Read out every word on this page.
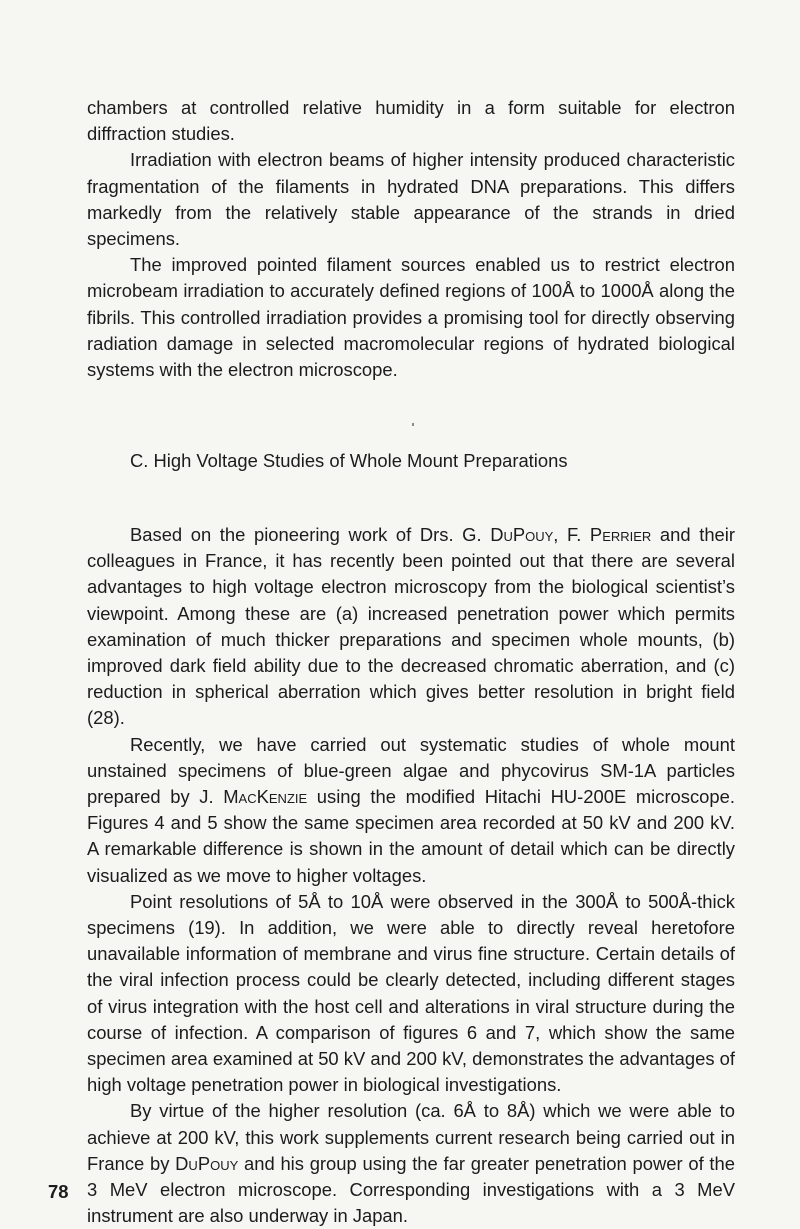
chambers at controlled relative humidity in a form suitable for electron diffraction studies.

Irradiation with electron beams of higher intensity produced characteristic fragmentation of the filaments in hydrated DNA preparations. This differs markedly from the relatively stable appearance of the strands in dried specimens.

The improved pointed filament sources enabled us to restrict electron microbeam irradiation to accurately defined regions of 100Å to 1000Å along the fibrils. This controlled irradiation provides a promising tool for directly observing radiation damage in selected macromolecular regions of hydrated biological systems with the electron microscope.

C. High Voltage Studies of Whole Mount Preparations

Based on the pioneering work of Drs. G. DuPouy, F. Perrier and their colleagues in France, it has recently been pointed out that there are several advantages to high voltage electron microscopy from the biological scientist’s viewpoint. Among these are (a) increased penetration power which permits examination of much thicker preparations and specimen whole mounts, (b) improved dark field ability due to the decreased chromatic aberration, and (c) reduction in spherical aberration which gives better resolution in bright field (28).

Recently, we have carried out systematic studies of whole mount unstained specimens of blue-green algae and phycovirus SM-1A particles prepared by J. MacKenzie using the modified Hitachi HU-200E microscope. Figures 4 and 5 show the same specimen area recorded at 50 kV and 200 kV. A remarkable difference is shown in the amount of detail which can be directly visualized as we move to higher voltages.

Point resolutions of 5Å to 10Å were observed in the 300Å to 500Å-thick specimens (19). In addition, we were able to directly reveal heretofore unavailable information of membrane and virus fine structure. Certain details of the viral infection process could be clearly detected, including different stages of virus integration with the host cell and alterations in viral structure during the course of infection. A comparison of figures 6 and 7, which show the same specimen area examined at 50 kV and 200 kV, demonstrates the advantages of high voltage penetration power in biological investigations.

By virtue of the higher resolution (ca. 6Å to 8Å) which we were able to achieve at 200 kV, this work supplements current research being carried out in France by DuPouy and his group using the far greater penetration power of the 3 MeV electron microscope. Corresponding investigations with a 3 MeV instrument are also underway in Japan.

78
